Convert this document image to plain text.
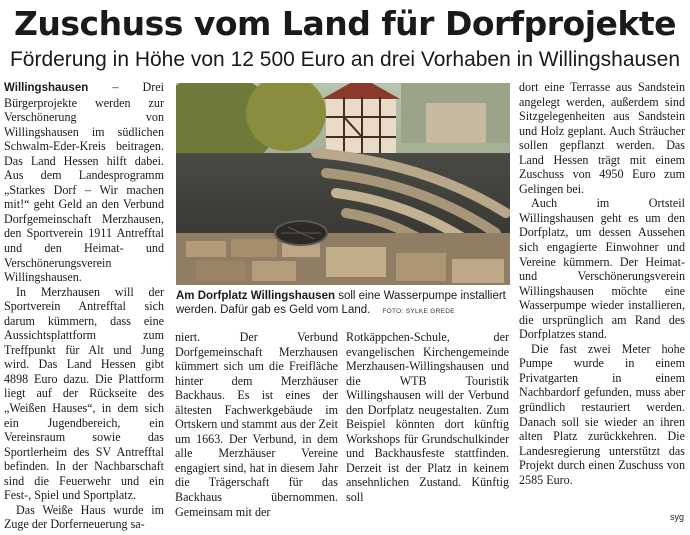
Zuschuss vom Land für Dorfprojekte
Förderung in Höhe von 12 500 Euro an drei Vorhaben in Willingshausen

Willingshausen – Drei Bürgerprojekte werden zur Verschönerung von Willingshausen im südlichen Schwalm-Eder-Kreis beitragen. Das Land Hessen hilft dabei. Aus dem Landesprogramm „Starkes Dorf – Wir machen mit!“ geht Geld an den Verbund Dorfgemeinschaft Merzhausen, den Sportverein 1911 Antrefftal und den Heimat- und Verschönerungsverein Willingshausen.

In Merzhausen will der Sportverein Antrefftal sich darum kümmern, dass eine Aussichtsplattform zum Treffpunkt für Alt und Jung wird. Das Land Hessen gibt 4898 Euro dazu. Die Plattform liegt auf der Rückseite des „Weißen Hauses“, in dem sich ein Jugendbereich, ein Vereinsraum sowie das Sportlerheim des SV Antrefftal befinden. In der Nachbarschaft sind die Feuerwehr und ein Fest-, Spiel und Sportplatz.

Das Weiße Haus wurde im Zuge der Dorferneuerung sa-

Am Dorfplatz Willingshausen soll eine Wasserpumpe installiert werden. Dafür gab es Geld vom Land. FOTO: SYLKE GREDE

niert. Der Verbund Dorfgemeinschaft Merzhausen kümmert sich um die Freifläche hinter dem Merzhäuser Backhaus. Es ist eines der ältesten Fachwerkgebäude im Ortskern und stammt aus der Zeit um 1663. Der Verbund, in dem alle Merzhäuser Vereine engagiert sind, hat in diesem Jahr die Trägerschaft für das Backhaus übernommen. Gemeinsam mit der

Rotkäppchen-Schule, der evangelischen Kirchengemeinde Merzhausen-Willingshausen und die WTB Touristik Willingshausen will der Verbund den Dorfplatz neugestalten. Zum Beispiel könnten dort künftig Workshops für Grundschulkinder und Backhausfeste stattfinden. Derzeit ist der Platz in keinem ansehnlichen Zustand. Künftig soll

dort eine Terrasse aus Sandstein angelegt werden, außerdem sind Sitzgelegenheiten aus Sandstein und Holz geplant. Auch Sträucher sollen gepflanzt werden. Das Land Hessen trägt mit einem Zuschuss von 4950 Euro zum Gelingen bei.

Auch im Ortsteil Willingshausen geht es um den Dorfplatz, um dessen Aussehen sich engagierte Einwohner und Vereine kümmern. Der Heimat- und Verschönerungsverein Willingshausen möchte eine Wasserpumpe wieder installieren, die ursprünglich am Rand des Dorfplatzes stand.

Die fast zwei Meter hohe Pumpe wurde in einem Privatgarten in einem Nachbardorf gefunden, muss aber gründlich restauriert werden. Danach soll sie wieder an ihren alten Platz zurückkehren. Die Landesregierung unterstützt das Projekt durch einen Zuschuss von 2585 Euro.

syg
